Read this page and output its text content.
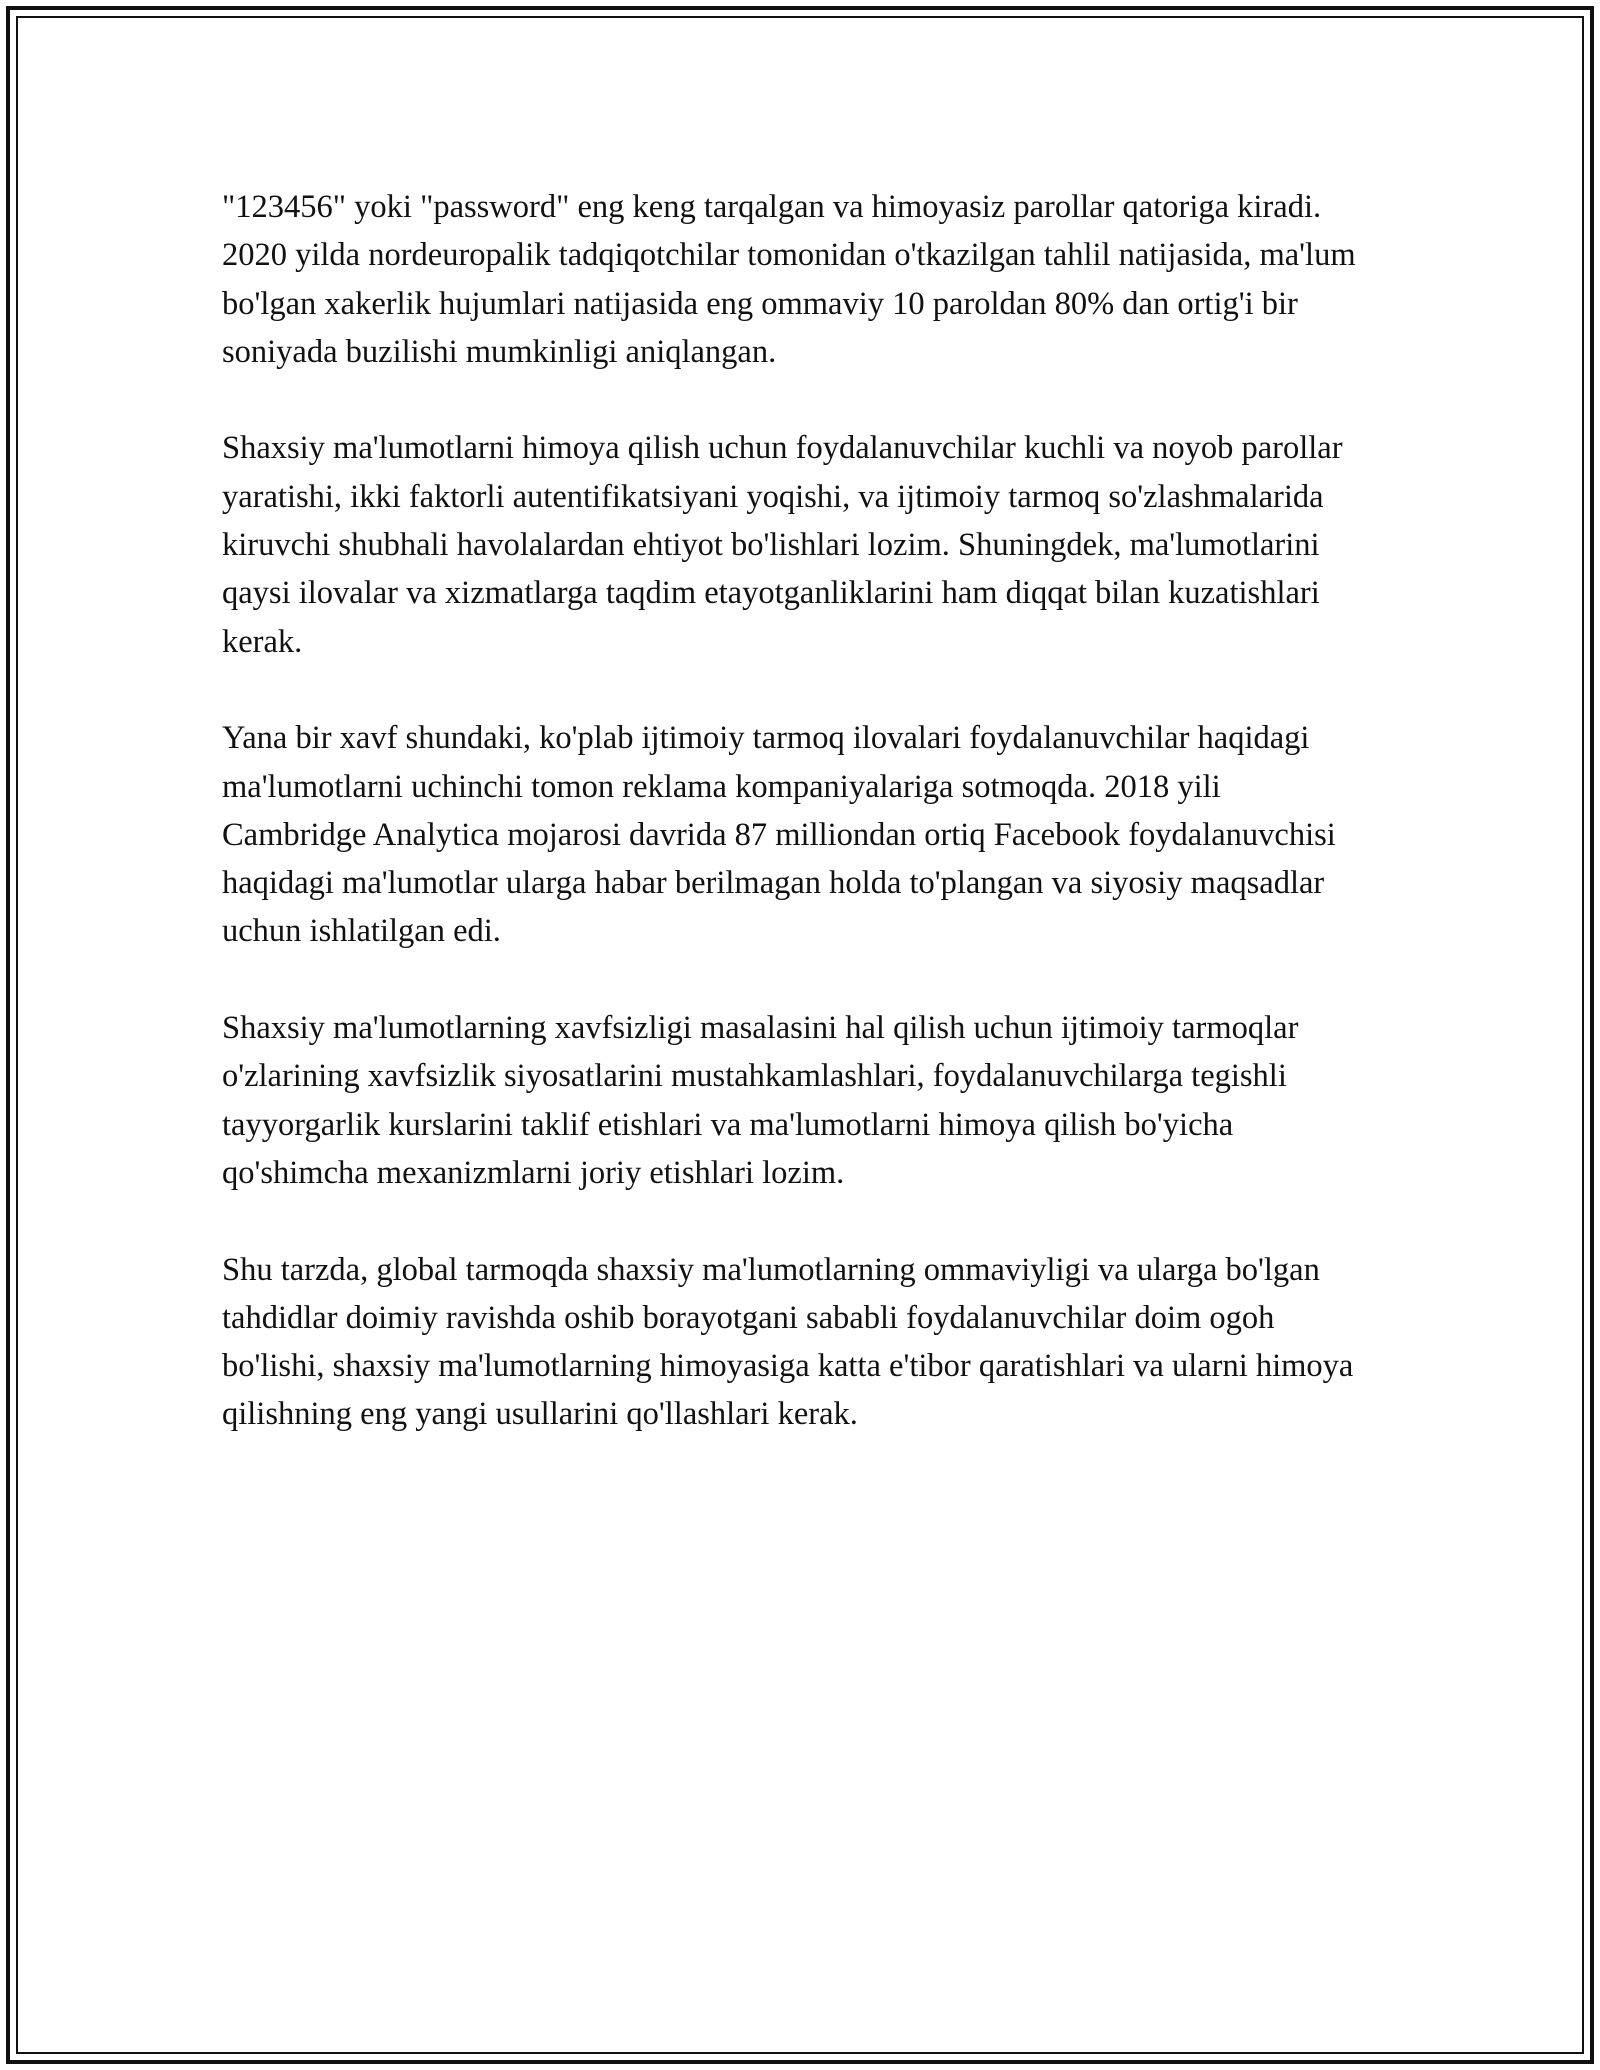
"123456" yoki "password" eng keng tarqalgan va himoyasiz parollar qatoriga kiradi. 2020 yilda nordeuropalik tadqiqotchilar tomonidan o'tkazilgan tahlil natijasida, ma'lum bo'lgan xakerlik hujumlari natijasida eng ommaviy 10 paroldan 80% dan ortig'i bir soniyada buzilishi mumkinligi aniqlangan.

Shaxsiy ma'lumotlarni himoya qilish uchun foydalanuvchilar kuchli va noyob parollar yaratishi, ikki faktorli autentifikatsiyani yoqishi, va ijtimoiy tarmoq so'zlashmalarida kiruvchi shubhali havolalardan ehtiyot bo'lishlari lozim. Shuningdek, ma'lumotlarini qaysi ilovalar va xizmatlarga taqdim etayotganliklarini ham diqqat bilan kuzatishlari kerak.

Yana bir xavf shundaki, ko'plab ijtimoiy tarmoq ilovalari foydalanuvchilar haqidagi ma'lumotlarni uchinchi tomon reklama kompaniyalariga sotmoqda. 2018 yili Cambridge Analytica mojarosi davrida 87 milliondan ortiq Facebook foydalanuvchisi haqidagi ma'lumotlar ularga habar berilmagan holda to'plangan va siyosiy maqsadlar uchun ishlatilgan edi.

Shaxsiy ma'lumotlarning xavfsizligi masalasini hal qilish uchun ijtimoiy tarmoqlar o'zlarining xavfsizlik siyosatlarini mustahkamlashlari, foydalanuvchilarga tegishli tayyorgarlik kurslarini taklif etishlari va ma'lumotlarni himoya qilish bo'yicha qo'shimcha mexanizmlarni joriy etishlari lozim.

Shu tarzda, global tarmoqda shaxsiy ma'lumotlarning ommaviyligi va ularga bo'lgan tahdidlar doimiy ravishda oshib borayotgani sababli foydalanuvchilar doim ogoh bo'lishi, shaxsiy ma'lumotlarning himoyasiga katta e'tibor qaratishlari va ularni himoya qilishning eng yangi usullarini qo'llashlari kerak.
